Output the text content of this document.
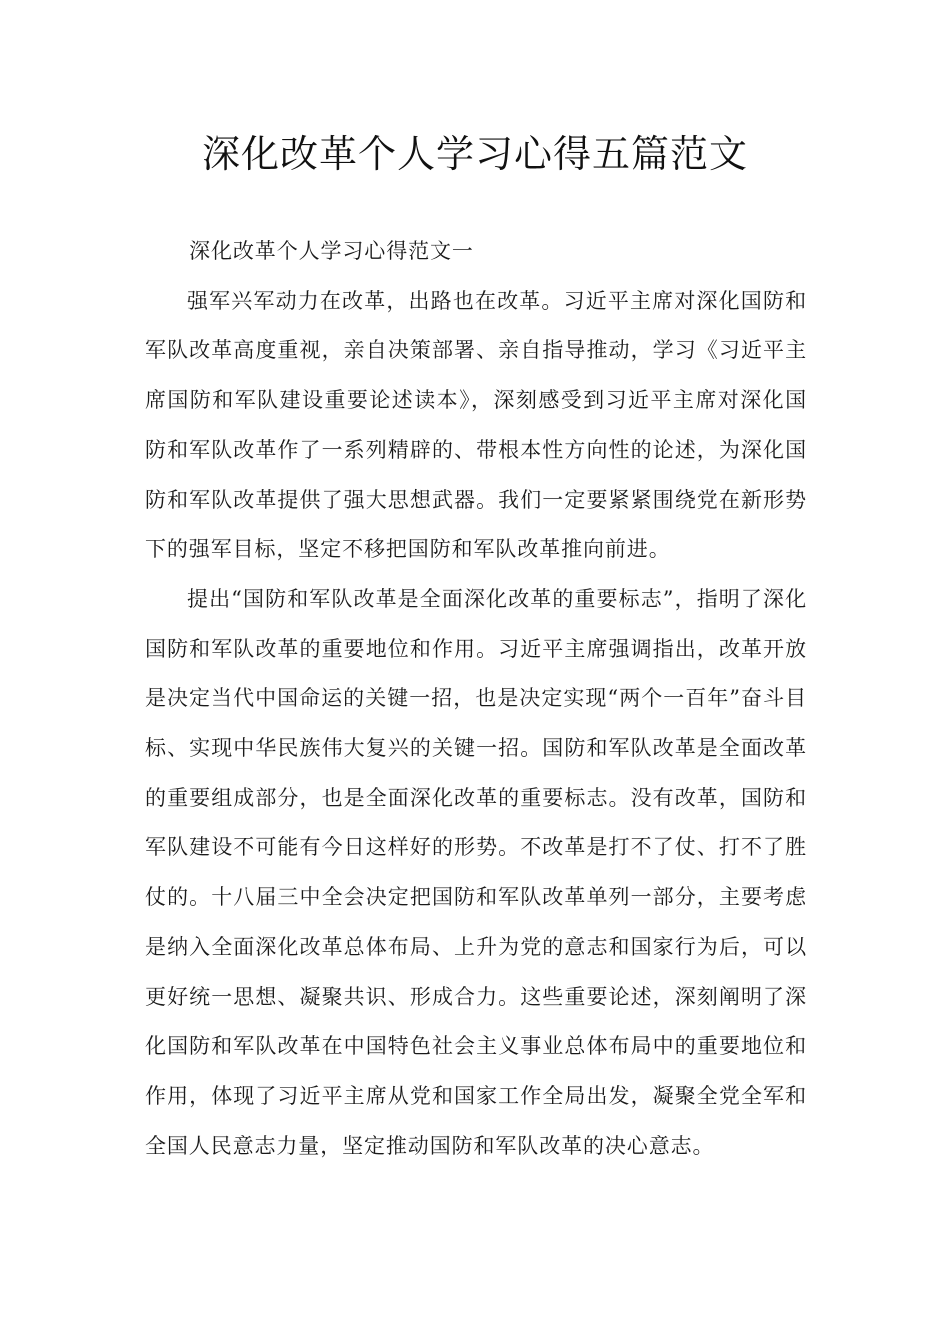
深化改革个人学习心得五篇范文

深化改革个人学习心得范文一

强军兴军动力在改革，出路也在改革。习近平主席对深化国防和军队改革高度重视，亲自决策部署、亲自指导推动，学习《习近平主席国防和军队建设重要论述读本》，深刻感受到习近平主席对深化国防和军队改革作了一系列精辟的、带根本性方向性的论述，为深化国防和军队改革提供了强大思想武器。我们一定要紧紧围绕党在新形势下的强军目标，坚定不移把国防和军队改革推向前进。

提出“国防和军队改革是全面深化改革的重要标志”，指明了深化国防和军队改革的重要地位和作用。习近平主席强调指出，改革开放是决定当代中国命运的关键一招，也是决定实现“两个一百年”奋斗目标、实现中华民族伟大复兴的关键一招。国防和军队改革是全面改革的重要组成部分，也是全面深化改革的重要标志。没有改革，国防和军队建设不可能有今日这样好的形势。不改革是打不了仗、打不了胜仗的。十八届三中全会决定把国防和军队改革单列一部分，主要考虑是纳入全面深化改革总体布局、上升为党的意志和国家行为后，可以更好统一思想、凝聚共识、形成合力。这些重要论述，深刻阐明了深化国防和军队改革在中国特色社会主义事业总体布局中的重要地位和作用，体现了习近平主席从党和国家工作全局出发，凝聚全党全军和全国人民意志力量，坚定推动国防和军队改革的决心意志。
